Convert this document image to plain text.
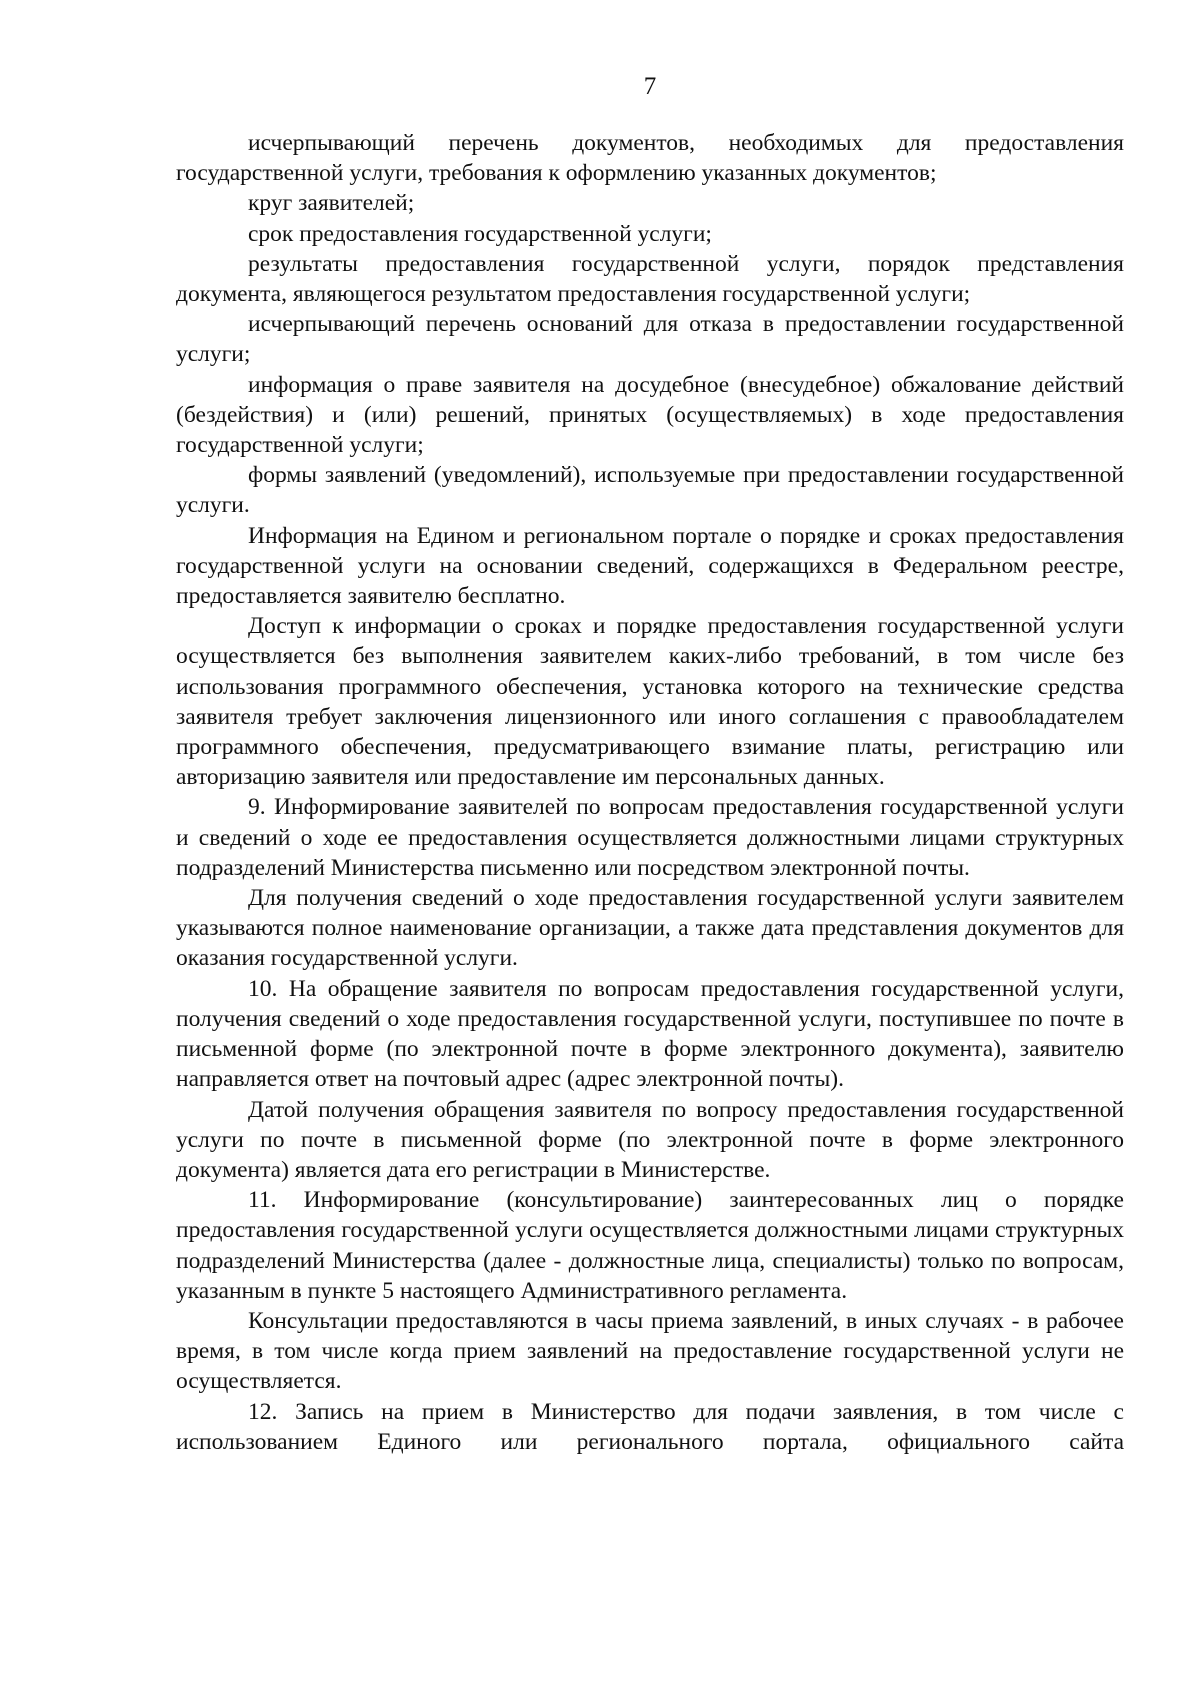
7

исчерпывающий перечень документов, необходимых для предоставления государственной услуги, требования к оформлению указанных документов;

круг заявителей;

срок предоставления государственной услуги;

результаты предоставления государственной услуги, порядок представления документа, являющегося результатом предоставления государственной услуги;

исчерпывающий перечень оснований для отказа в предоставлении государственной услуги;

информация о праве заявителя на досудебное (внесудебное) обжалование действий (бездействия) и (или) решений, принятых (осуществляемых) в ходе предоставления государственной услуги;

формы заявлений (уведомлений), используемые при предоставлении государственной услуги.

Информация на Едином и региональном портале о порядке и сроках предоставления государственной услуги на основании сведений, содержащихся в Федеральном реестре, предоставляется заявителю бесплатно.

Доступ к информации о сроках и порядке предоставления государственной услуги осуществляется без выполнения заявителем каких-либо требований, в том числе без использования программного обеспечения, установка которого на технические средства заявителя требует заключения лицензионного или иного соглашения с правообладателем программного обеспечения, предусматривающего взимание платы, регистрацию или авторизацию заявителя или предоставление им персональных данных.

9. Информирование заявителей по вопросам предоставления государственной услуги и сведений о ходе ее предоставления осуществляется должностными лицами структурных подразделений Министерства письменно или посредством электронной почты.

Для получения сведений о ходе предоставления государственной услуги заявителем указываются полное наименование организации, а также дата представления документов для оказания государственной услуги.

10. На обращение заявителя по вопросам предоставления государственной услуги, получения сведений о ходе предоставления государственной услуги, поступившее по почте в письменной форме (по электронной почте в форме электронного документа), заявителю направляется ответ на почтовый адрес (адрес электронной почты).

Датой получения обращения заявителя по вопросу предоставления государственной услуги по почте в письменной форме (по электронной почте в форме электронного документа) является дата его регистрации в Министерстве.

11. Информирование (консультирование) заинтересованных лиц о порядке предоставления государственной услуги осуществляется должностными лицами структурных подразделений Министерства (далее - должностные лица, специалисты) только по вопросам, указанным в пункте 5 настоящего Административного регламента.

Консультации предоставляются в часы приема заявлений, в иных случаях - в рабочее время, в том числе когда прием заявлений на предоставление государственной услуги не осуществляется.

12. Запись на прием в Министерство для подачи заявления, в том числе с использованием Единого или регионального портала, официального сайта
